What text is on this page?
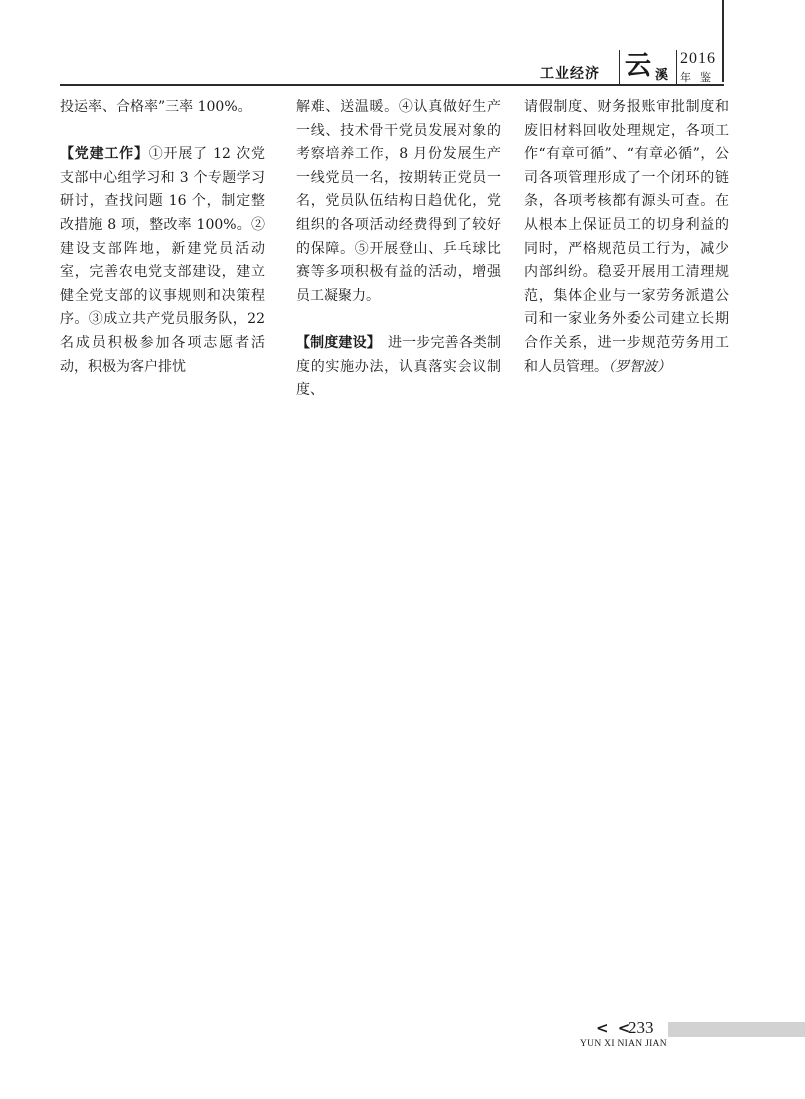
工业经济 云 溪
2016
年鉴

投运率、合格率”三率 100%。

【党建工作】①开展了 12 次党支部中心组学习和 3 个专题学习研讨，查找问题 16 个，制定整改措施 8 项，整改率 100%。②建设支部阵地，新建党员活动室，完善农电党支部建设，建立健全党支部的议事规则和决策程序。③成立共产党员服务队，22 名成员积极参加各项志愿者活动，积极为客户排忧

解难、送温暖。④认真做好生产一线、技术骨干党员发展对象的考察培养工作，8 月份发展生产一线党员一名，按期转正党员一名，党员队伍结构日趋优化，党组织的各项活动经费得到了较好的保障。⑤开展登山、乒乓球比赛等多项积极有益的活动，增强员工凝聚力。

【制度建设】　 进一步完善各类制度的实施办法，认真落实会议制度、

请假制度、财务报账审批制度和废旧材料回收处理规定，各项工作“有章可循”、“有章必循”，公司各项管理形成了一个闭环的链条，各项考核都有源头可查。在从根本上保证员工的切身利益的同时，严格规范员工行为，减少内部纠纷。稳妥开展用工清理规范，集体企业与一家劳务派遣公司和一家业务外委公司建立长期合作关系，进一步规范劳务用工和人员管理。（罗智波）

< <
233
YUN XI NIAN JIAN
